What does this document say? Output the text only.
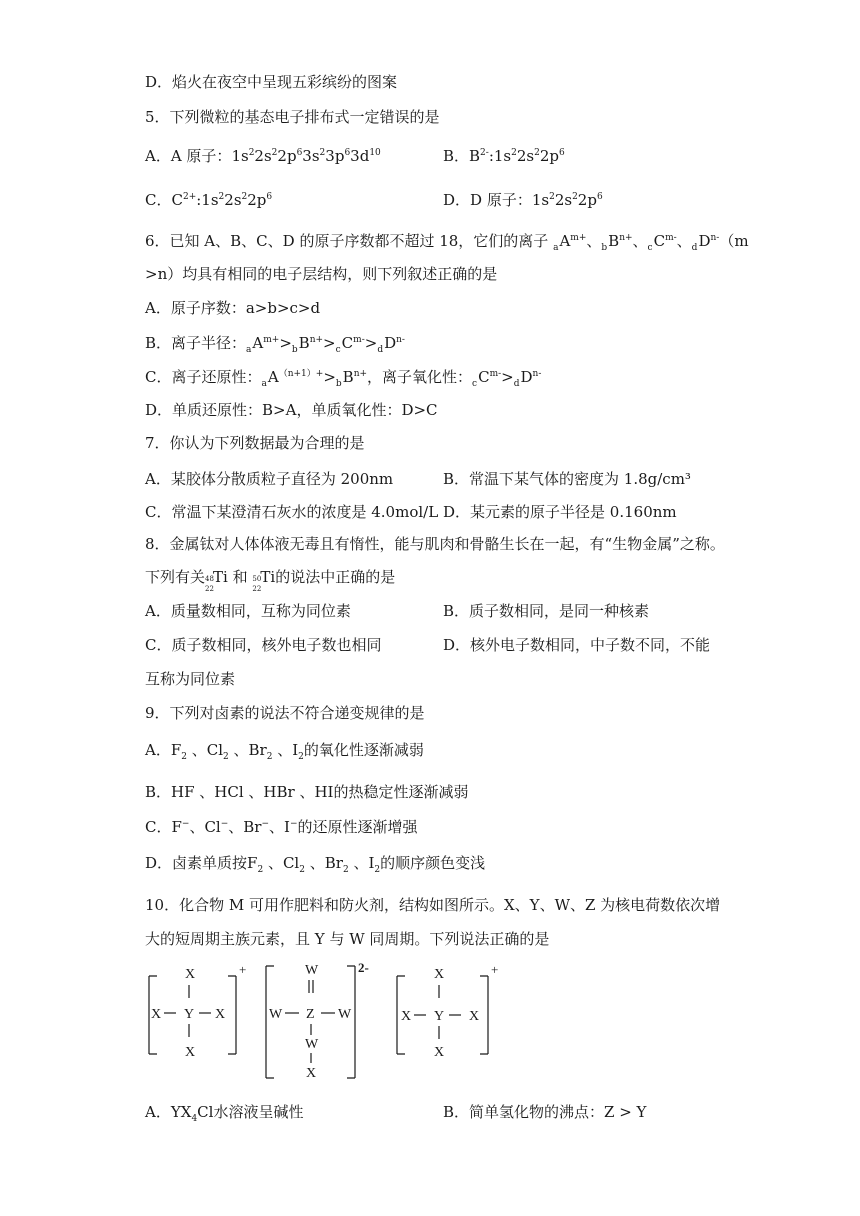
D．焰火在夜空中呈现五彩缤纷的图案
5．下列微粒的基态电子排布式一定错误的是
A．A 原子：$1s^22s^22p^63s^23p^63d^{10}$	B．$B^{2-}:1s^22s^22p^6$
C．$C^{2+}:1s^22s^22p^6$	D．D 原子：$1s^22s^22p^6$
6．已知 A、B、C、D 的原子序数都不超过 18，它们的离子 $_aA^{m+}$、$_bB^{n+}$、$_cC^{m-}$、$_dD^{n-}(m$
>n）均具有相同的电子层结构，则下列叙述正确的是
A．原子序数：a>b>c>d
B．离子半径：$_aA^{m+}>_bB^{n+}>_cC^{m-}>_dD^{n-}$
C．离子还原性：$_aA^{(n+1)+}>_bB^{n+}$，离子氧化性：$_cC^{m-}>_dD^{n-}$
D．单质还原性：B>A，单质氧化性：D>C
7．你认为下列数据最为合理的是
A．某胶体分散质粒子直径为 200nm	B．常温下某气体的密度为 1.8g/cm³
C．常温下某澄清石灰水的浓度是 4.0mol/L D．某元素的原子半径是 0.160nm
8．金属钛对人体体液无毒且有惰性，能与肌肉和骨骼生长在一起，有“生物金属”之称。
下列有关 48
22
Ti 和 50
22
Ti的说法中正确的是
A．质量数相同，互称为同位素	B．质子数相同，是同一种核素
C．质子数相同，核外电子数也相同	D．核外电子数相同，中子数不同，不能
互称为同位素
9．下列对卤素的说法不符合递变规律的是
A．$F_2$ 、$Cl_2$ 、$Br_2$ 、$I_2$的氧化性逐渐减弱
B．HF 、HCl 、HBr 、HI的热稳定性逐渐减弱
C．F−、Cl−、Br−、I−的还原性逐渐增强
D．卤素单质按$F_2$ 、$Cl_2$ 、$Br_2$ 、$I_2$的顺序颜色变浅
10．化合物 M 可用作肥料和防火剂，结构如图所示。X、Y、W、Z 为核电荷数依次增
大的短周期主族元素，且 Y 与 W 同周期。下列说法正确的是
X
X Y X
X
+	W
W Z W
W
X
2-	X
X Y X
X
+
A．$YX_4Cl$水溶液呈碱性	B．简单氢化物的沸点：Z > Y
